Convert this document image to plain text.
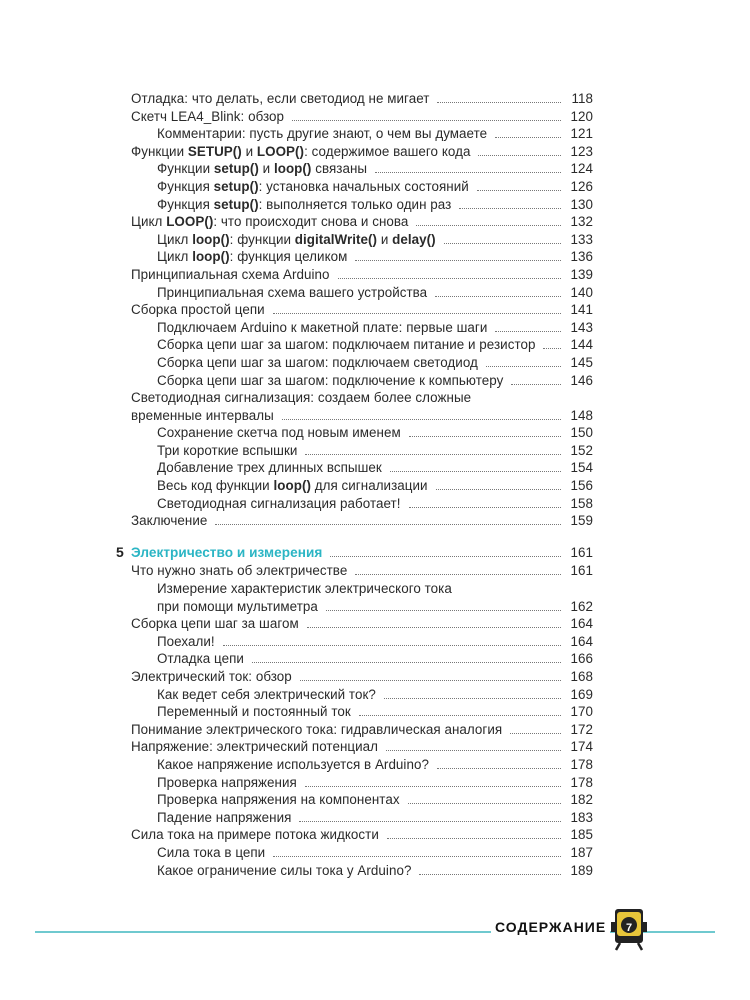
Отладка: что делать, если светодиод не мигает	118
Скетч LEA4_Blink: обзор	120
Комментарии: пусть другие знают, о чем вы думаете	121
Функции SETUP() и LOOP(): содержимое вашего кода	123
Функции setup() и loop() связаны	124
Функция setup(): установка начальных состояний	126
Функция setup(): выполняется только один раз	130
Цикл LOOP(): что происходит снова и снова	132
Цикл loop(): функции digitalWrite() и delay()	133
Цикл loop(): функция целиком	136
Принципиальная схема Arduino	139
Принципиальная схема вашего устройства	140
Сборка простой цепи	141
Подключаем Arduino к макетной плате: первые шаги	143
Сборка цепи шаг за шагом: подключаем питание и резистор	144
Сборка цепи шаг за шагом: подключаем светодиод	145
Сборка цепи шаг за шагом: подключение к компьютеру	146
Светодиодная сигнализация: создаем более сложные
временные интервалы	148
Сохранение скетча под новым именем	150
Три короткие вспышки	152
Добавление трех длинных вспышек	154
Весь код функции loop() для сигнализации	156
Светодиодная сигнализация работает!	158
Заключение	159
5 Электричество и измерения	161
Что нужно знать об электричестве	161
Измерение характеристик электрического тока
при помощи мультиметра	162
Сборка цепи шаг за шагом	164
Поехали!	164
Отладка цепи	166
Электрический ток: обзор	168
Как ведет себя электрический ток?	169
Переменный и постоянный ток	170
Понимание электрического тока: гидравлическая аналогия	172
Напряжение: электрический потенциал	174
Какое напряжение используется в Arduino?	178
Проверка напряжения	178
Проверка напряжения на компонентах	182
Падение напряжения	183
Сила тока на примере потока жидкости	185
Сила тока в цепи	187
Какое ограничение силы тока у Arduino?	189
СОДЕРЖАНИЕ	7
